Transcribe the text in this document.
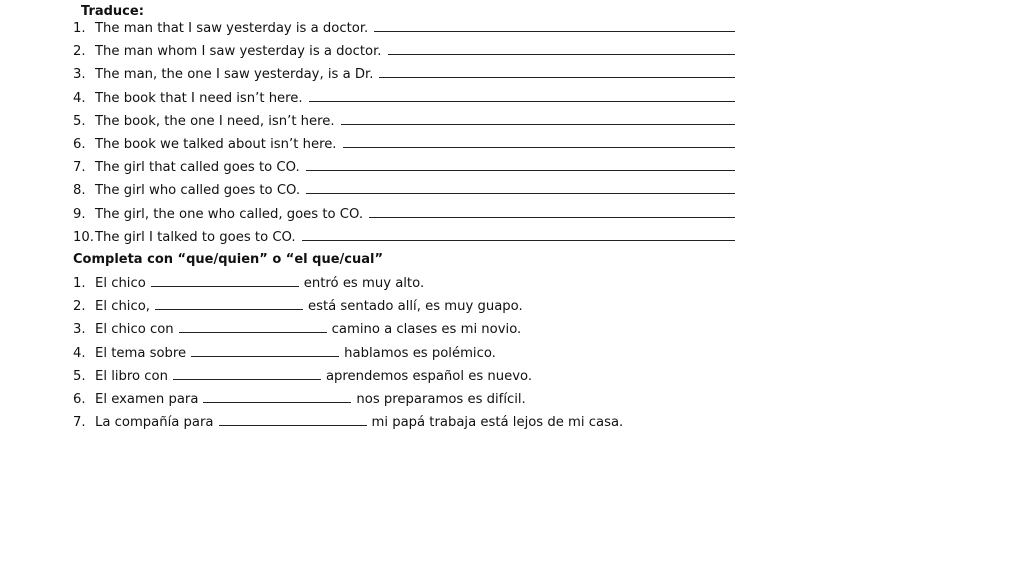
Traduce:
1. The man that I saw yesterday is a doctor.
2. The man whom I saw yesterday is a doctor.
3. The man, the one I saw yesterday, is a Dr.
4. The book that I need isn’t here.
5. The book, the one I need, isn’t here.
6. The book we talked about isn’t here.
7. The girl that called goes to CO.
8. The girl who called goes to CO.
9. The girl, the one who called, goes to CO.
10. The girl I talked to goes to CO.
Completa con “que/quien” o “el que/cual”
1. El chico	entró es muy alto.
2. El chico,	está sentado allí, es muy guapo.
3. El chico con	camino a clases es mi novio.
4. El tema sobre	hablamos es polémico.
5. El libro con	aprendemos español es nuevo.
6. El examen para	nos preparamos es difícil.
7. La compañía para	mi papá trabaja está lejos de mi casa.
